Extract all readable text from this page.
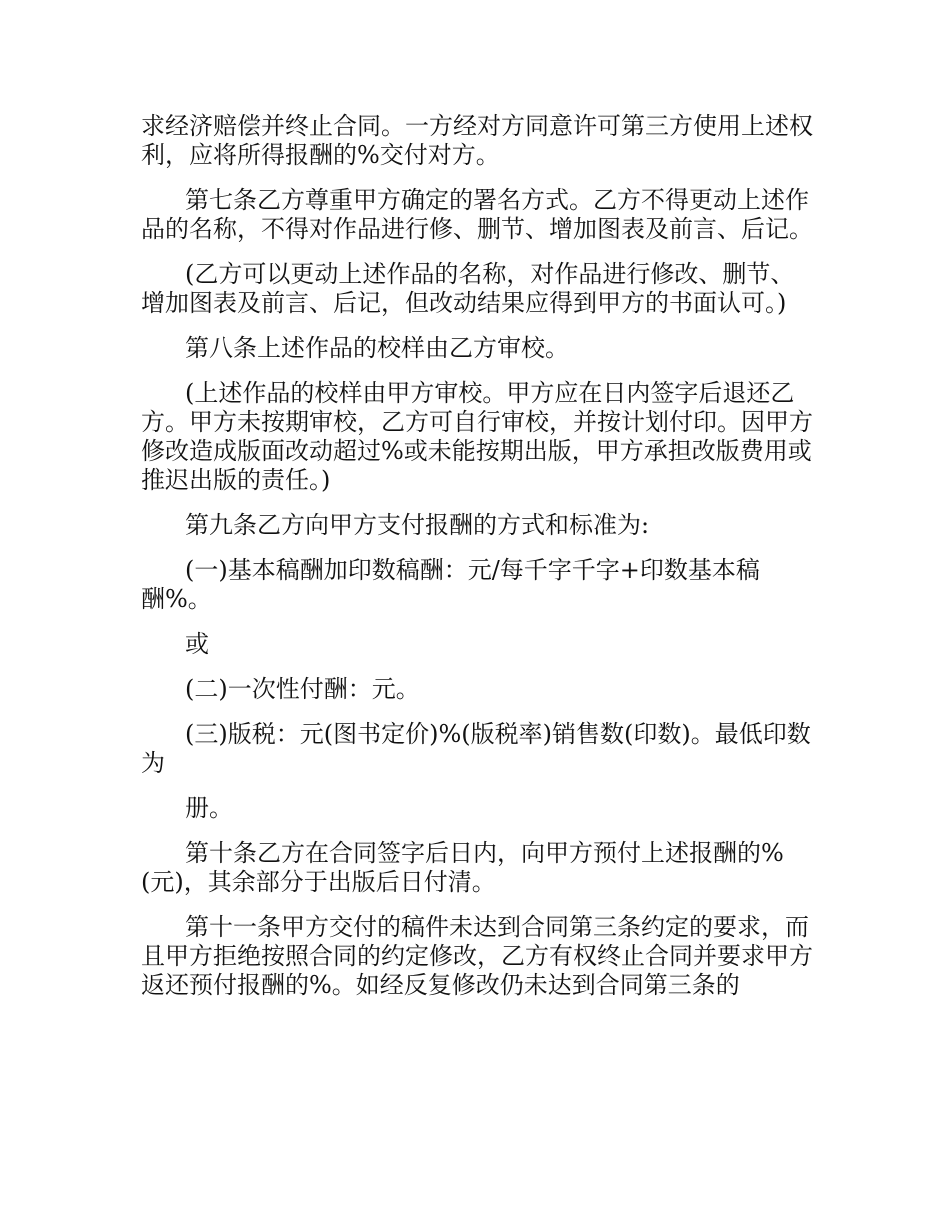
求经济赔偿并终止合同。一方经对方同意许可第三方使用上述权利，应将所得报酬的%交付对方。

第七条乙方尊重甲方确定的署名方式。乙方不得更动上述作品的名称，不得对作品进行修、删节、增加图表及前言、后记。

(乙方可以更动上述作品的名称，对作品进行修改、删节、增加图表及前言、后记，但改动结果应得到甲方的书面认可。)

第八条上述作品的校样由乙方审校。

(上述作品的校样由甲方审校。甲方应在日内签字后退还乙方。甲方未按期审校，乙方可自行审校，并按计划付印。因甲方修改造成版面改动超过%或未能按期出版，甲方承担改版费用或推迟出版的责任。)

第九条乙方向甲方支付报酬的方式和标准为:

(一)基本稿酬加印数稿酬：元/每千字千字+印数基本稿酬%。

或

(二)一次性付酬：元。

(三)版税：元(图书定价)%(版税率)销售数(印数)。最低印数为

册。

第十条乙方在合同签字后日内，向甲方预付上述报酬的%(元)，其余部分于出版后日付清。

第十一条甲方交付的稿件未达到合同第三条约定的要求，而且甲方拒绝按照合同的约定修改，乙方有权终止合同并要求甲方返还预付报酬的%。如经反复修改仍未达到合同第三条的
